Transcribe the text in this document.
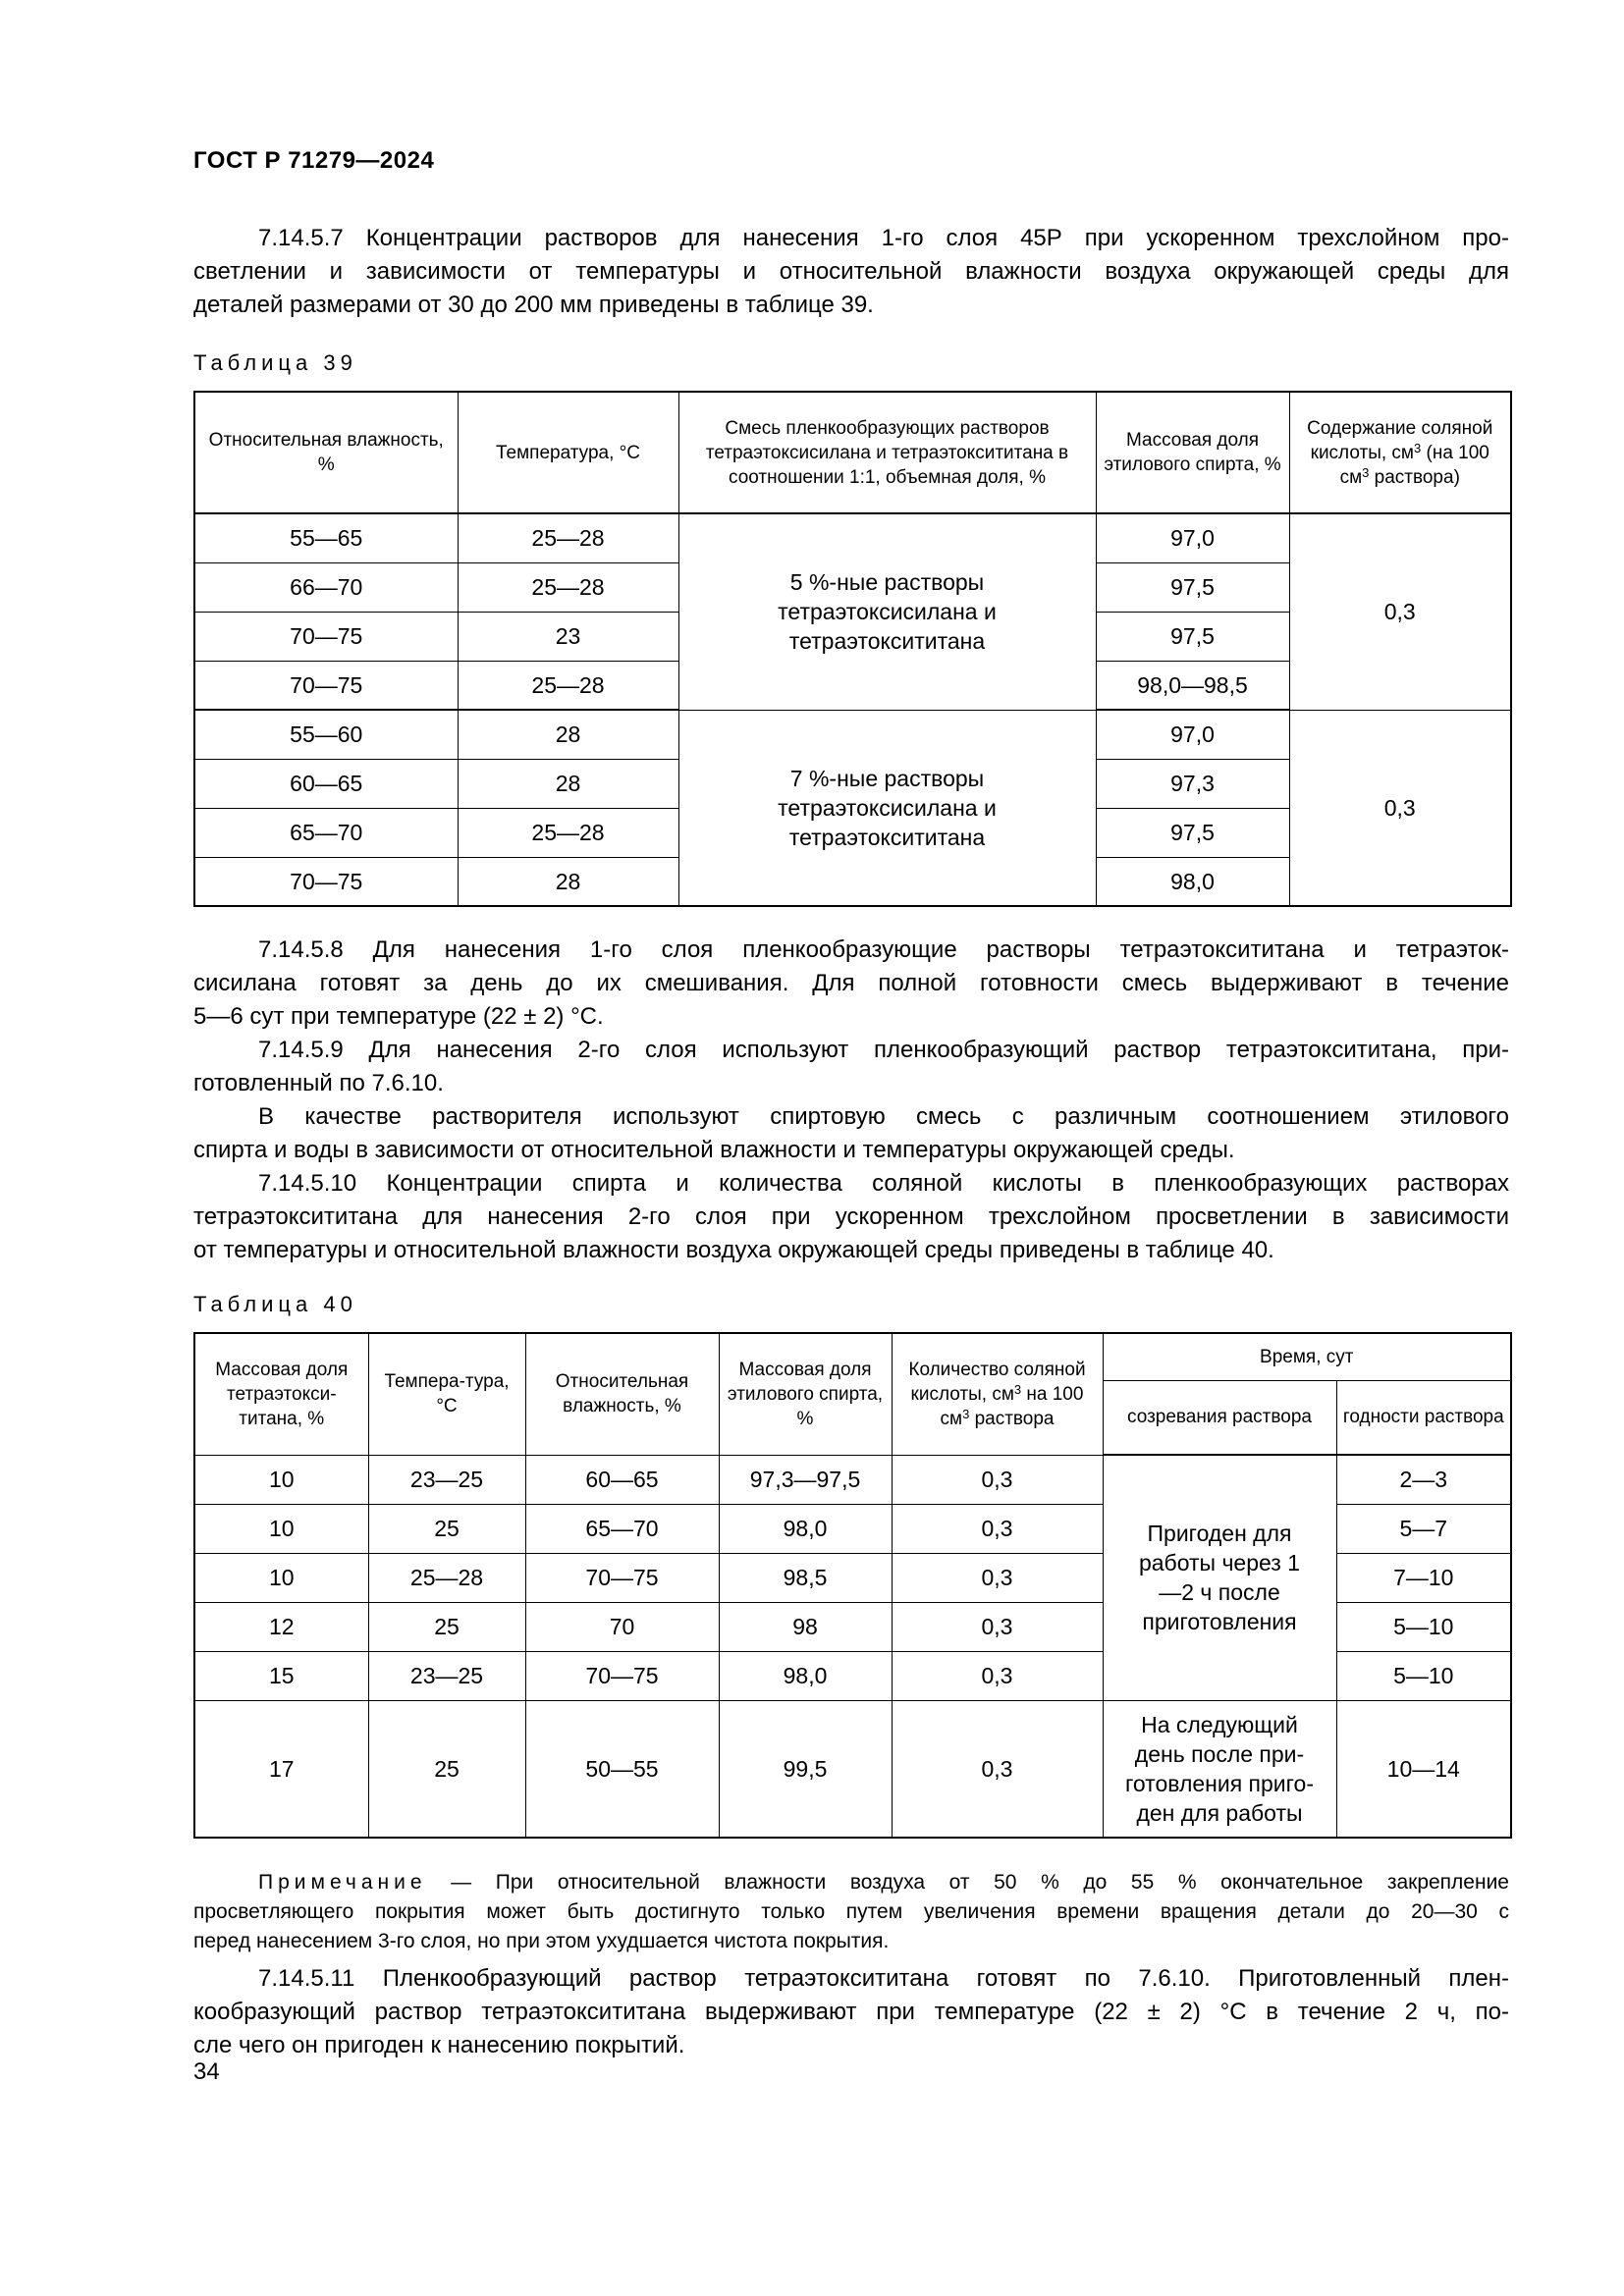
ГОСТ Р 71279—2024
7.14.5.7 Концентрации растворов для нанесения 1-го слоя 45Р при ускоренном трехслойном про-
светлении и зависимости от температуры и относительной влажности воздуха окружающей среды для
деталей размерами от 30 до 200 мм приведены в таблице 39.
Таблица 39
Относительная влажность, %	Температура, °C	Смесь пленкообразующих растворов тетраэтоксисилана и тетраэтоксититана в соотношении 1:1, объемная доля, %	Массовая доля этилового спирта, %	Содержание соляной кислоты, $см^3$ (на 100 $см^3$ раствора)
55—65	25—28	5 %-ные растворы тетраэтоксисилана и тетраэтоксититана	97,0	0,3
66—70	25—28		97,5	
70—75	23		97,5	
70—75	25—28		98,0—98,5	
55—60	28	7 %-ные растворы тетраэтоксисилана и тетраэтоксититана	97,0	0,3
60—65	28		97,3	
65—70	25—28		97,5	
70—75	28		98,0	
7.14.5.8 Для нанесения 1-го слоя пленкообразующие растворы тетраэтоксититана и тетраэток-
сисилана готовят за день до их смешивания. Для полной готовности смесь выдерживают в течение
5—6 сут при температуре (22 ± 2) °С.
7.14.5.9 Для нанесения 2-го слоя используют пленкообразующий раствор тетраэтоксититана, при-
готовленный по 7.6.10.
В качестве растворителя используют спиртовую смесь с различным соотношением этилового
спирта и воды в зависимости от относительной влажности и температуры окружающей среды.
7.14.5.10 Концентрации спирта и количества соляной кислоты в пленкообразующих растворах
тетраэтоксититана для нанесения 2-го слоя при ускоренном трехслойном просветлении в зависимости
от температуры и относительной влажности воздуха окружающей среды приведены в таблице 40.
Таблица 40
Массовая доля тетраэтокси-титана, %	Темпера-тура, °C	Относительная влажность, %	Массовая доля этилового спирта, %	Количество соляной кислоты, $см^3$ на 100 $см^3$ раствора	Время, сут	
					созревания раствора	годности раствора
10	23—25	60—65	97,3—97,5	0,3	Пригоден для работы через 1—2 ч после приготовления	2—3
10	25	65—70	98,0	0,3		5—7
10	25—28	70—75	98,5	0,3		7—10
12	25	70	98	0,3		5—10
15	23—25	70—75	98,0	0,3		5—10
17	25	50—55	99,5	0,3	На следующий день после при-готовления приго-ден для работы	10—14
Примечание — При относительной влажности воздуха от 50 % до 55 % окончательное закрепление
просветляющего покрытия может быть достигнуто только путем увеличения времени вращения детали до 20—30 с
перед нанесением 3-го слоя, но при этом ухудшается чистота покрытия.
7.14.5.11 Пленкообразующий раствор тетраэтоксититана готовят по 7.6.10. Приготовленный плен-
кообразующий раствор тетраэтоксититана выдерживают при температуре (22 ± 2) °С в течение 2 ч, по-
сле чего он пригоден к нанесению покрытий.
34
